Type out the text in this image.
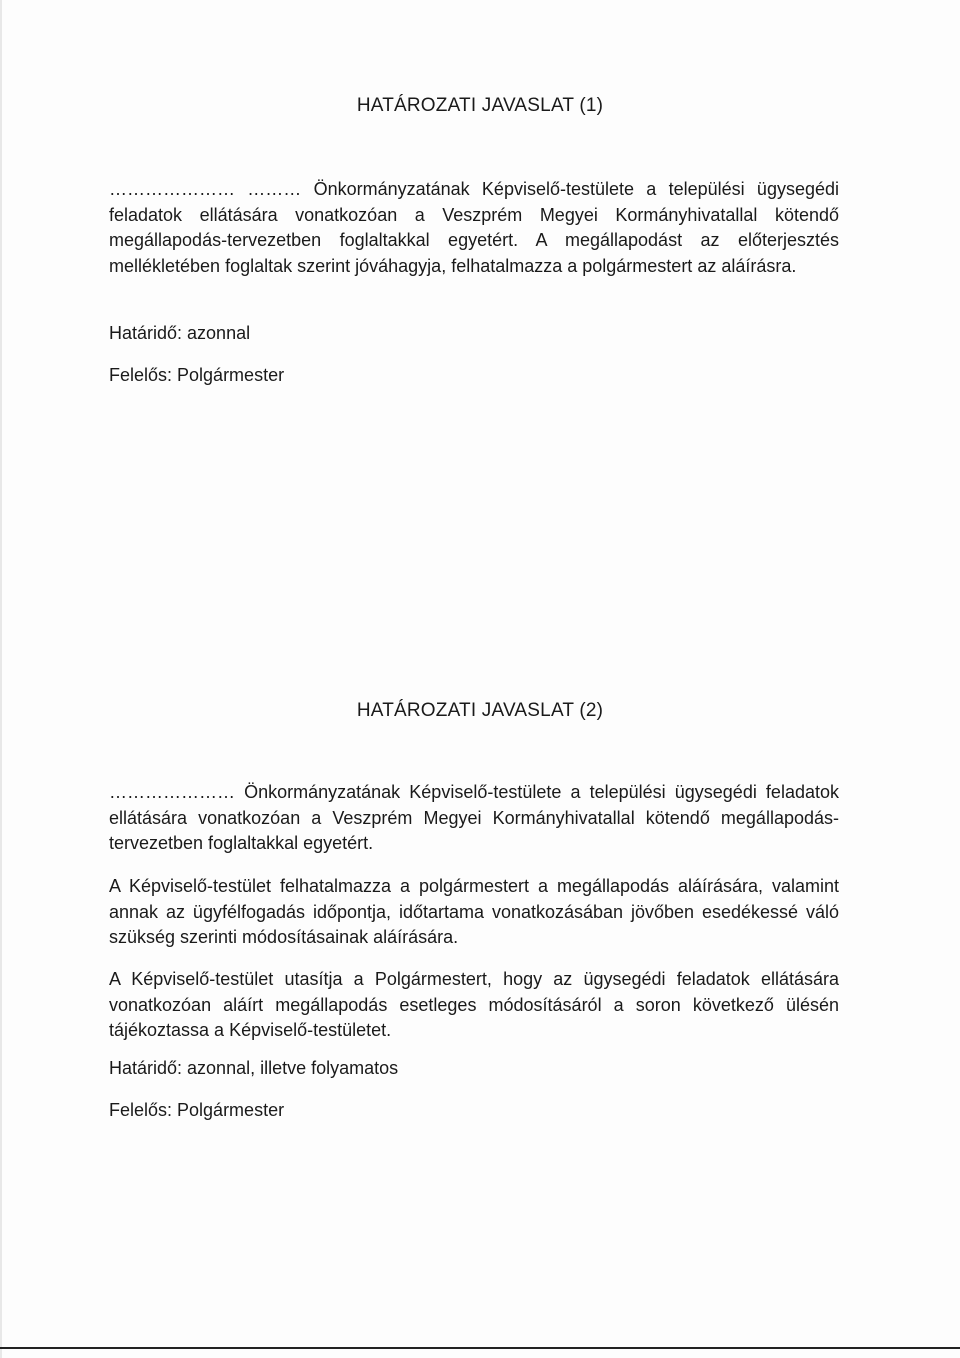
HATÁROZATI JAVASLAT (1)

………………… ……… Önkormányzatának Képviselő-testülete a települési ügysegédi feladatok ellátására vonatkozóan a Veszprém Megyei Kormányhivatallal kötendő megállapodás-tervezetben foglaltakkal egyetért. A megállapodást az előterjesztés mellékletében foglaltak szerint jóváhagyja, felhatalmazza a polgármestert az aláírásra.

Határidő: azonnal

Felelős: Polgármester

HATÁROZATI JAVASLAT (2)

………………… Önkormányzatának Képviselő-testülete a települési ügysegédi feladatok ellátására vonatkozóan a Veszprém Megyei Kormányhivatallal kötendő megállapodás-tervezetben foglaltakkal egyetért.

A Képviselő-testület felhatalmazza a polgármestert a megállapodás aláírására, valamint annak az ügyfélfogadás időpontja, időtartama vonatkozásában jövőben esedékessé váló szükség szerinti módosításainak aláírására.

A Képviselő-testület utasítja a Polgármestert, hogy az ügysegédi feladatok ellátására vonatkozóan aláírt megállapodás esetleges módosításáról a soron következő ülésén tájékoztassa a Képviselő-testületet.

Határidő: azonnal, illetve folyamatos

Felelős: Polgármester
